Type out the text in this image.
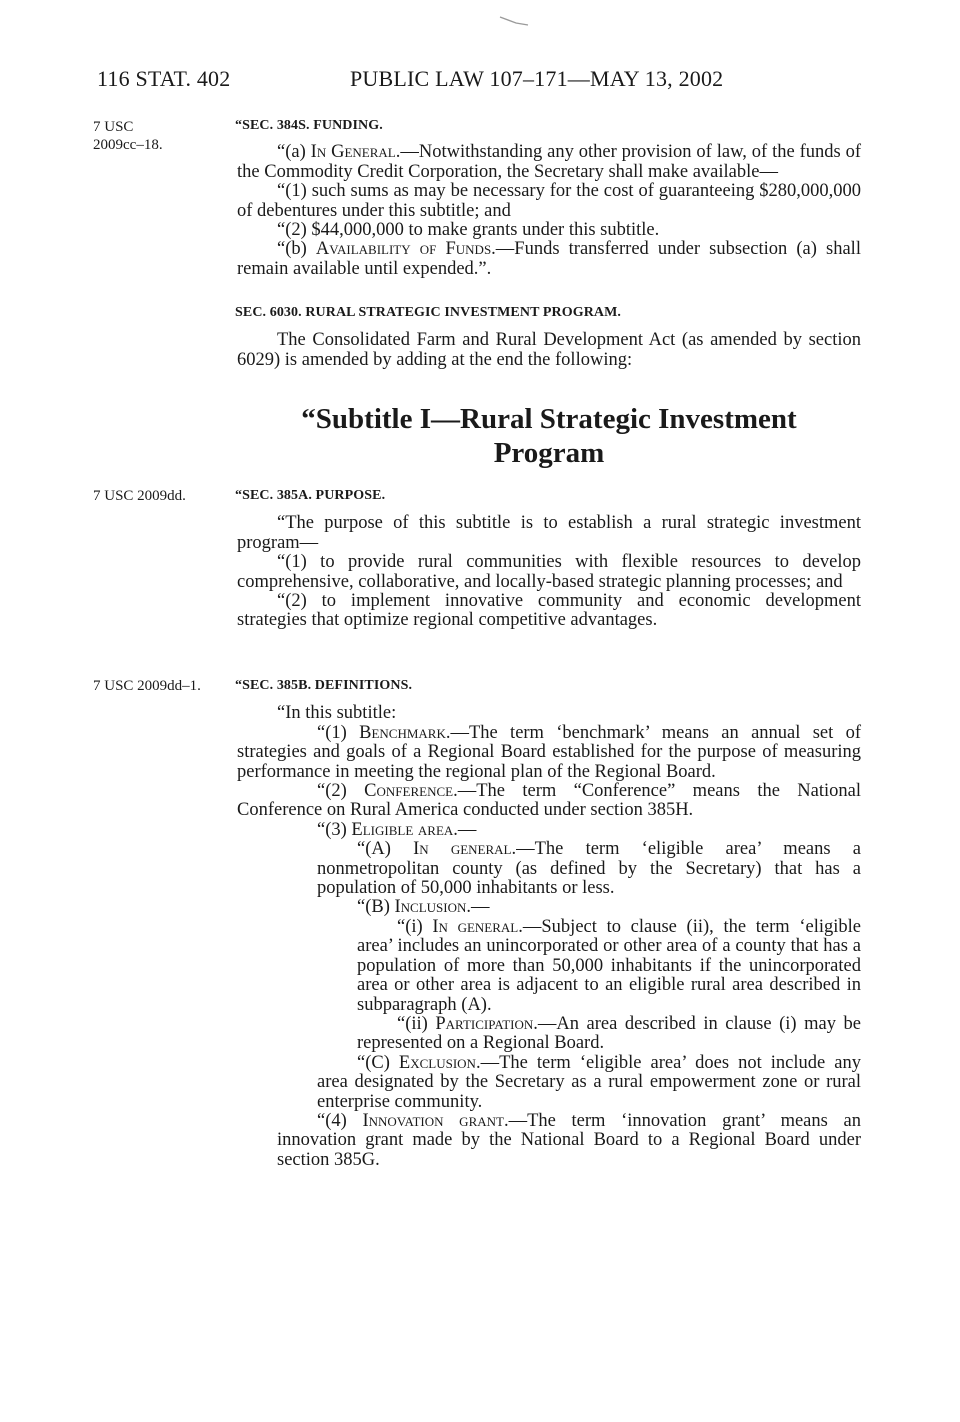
116 STAT. 402	PUBLIC LAW 107–171—MAY 13, 2002
7 USC
2009cc–18.
7 USC 2009dd.
7 USC 2009dd–1.
“SEC. 384S. FUNDING.
“(a) In General.—Notwithstanding any other provision of law, of the funds of the Commodity Credit Corporation, the Secretary shall make available—
“(1) such sums as may be necessary for the cost of guaranteeing $280,000,000 of debentures under this subtitle; and
“(2) $44,000,000 to make grants under this subtitle.
“(b) Availability of Funds.—Funds transferred under subsection (a) shall remain available until expended.”.
SEC. 6030. RURAL STRATEGIC INVESTMENT PROGRAM.
The Consolidated Farm and Rural Development Act (as amended by section 6029) is amended by adding at the end the following:
“Subtitle I—Rural Strategic Investment
Program
“SEC. 385A. PURPOSE.
“The purpose of this subtitle is to establish a rural strategic investment program—
“(1) to provide rural communities with flexible resources to develop comprehensive, collaborative, and locally-based strategic planning processes; and
“(2) to implement innovative community and economic development strategies that optimize regional competitive advantages.
“SEC. 385B. DEFINITIONS.
“In this subtitle:
“(1) Benchmark.—The term ‘benchmark’ means an annual set of strategies and goals of a Regional Board established for the purpose of measuring performance in meeting the regional plan of the Regional Board.
“(2) Conference.—The term “Conference” means the National Conference on Rural America conducted under section 385H.
“(3) Eligible area.—
“(A) In general.—The term ‘eligible area’ means a nonmetropolitan county (as defined by the Secretary) that has a population of 50,000 inhabitants or less.
“(B) Inclusion.—
“(i) In general.—Subject to clause (ii), the term ‘eligible area’ includes an unincorporated or other area of a county that has a population of more than 50,000 inhabitants if the unincorporated area or other area is adjacent to an eligible rural area described in subparagraph (A).
“(ii) Participation.—An area described in clause (i) may be represented on a Regional Board.
“(C) Exclusion.—The term ‘eligible area’ does not include any area designated by the Secretary as a rural empowerment zone or rural enterprise community.
“(4) Innovation grant.—The term ‘innovation grant’ means an innovation grant made by the National Board to a Regional Board under section 385G.
